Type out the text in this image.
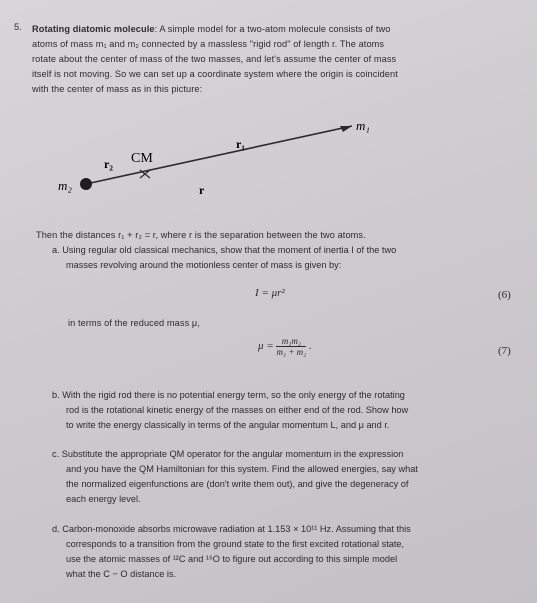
5. Rotating diatomic molecule: A simple model for a two-atom molecule consists of two
atoms of mass m₁ and m₂ connected by a massless "rigid rod" of length r. The atoms
rotate about the center of mass of the two masses, and let's assume the center of mass
itself is not moving. So we can set up a coordinate system where the origin is coincident
with the center of mass as in this picture:
CM
r₁
r₂
r
m₁
m₂
Then the distances r₁ + r₂ = r, where r is the separation between the two atoms.
a. Using regular old classical mechanics, show that the moment of inertia I of the two
masses revolving around the motionless center of mass is given by:
I = μr²	(6)
in terms of the reduced mass μ,
$\mu = \frac{\text{m₁m₂}}{\text{m₁ + m₂}}$ .	(7)
b. With the rigid rod there is no potential energy term, so the only energy of the rotating
rod is the rotational kinetic energy of the masses on either end of the rod. Show how
to write the energy classically in terms of the angular momentum L, and μ and r.
c. Substitute the appropriate QM operator for the angular momentum in the expression
and you have the QM Hamiltonian for this system. Find the allowed energies, say what
the normalized eigenfunctions are (don't write them out), and give the degeneracy of
each energy level.
d. Carbon-monoxide absorbs microwave radiation at 1.153 × 10¹¹ Hz. Assuming that this
corresponds to a transition from the ground state to the first excited rotational state,
use the atomic masses of ¹²C and ¹⁶O to figure out according to this simple model
what the C − O distance is.
